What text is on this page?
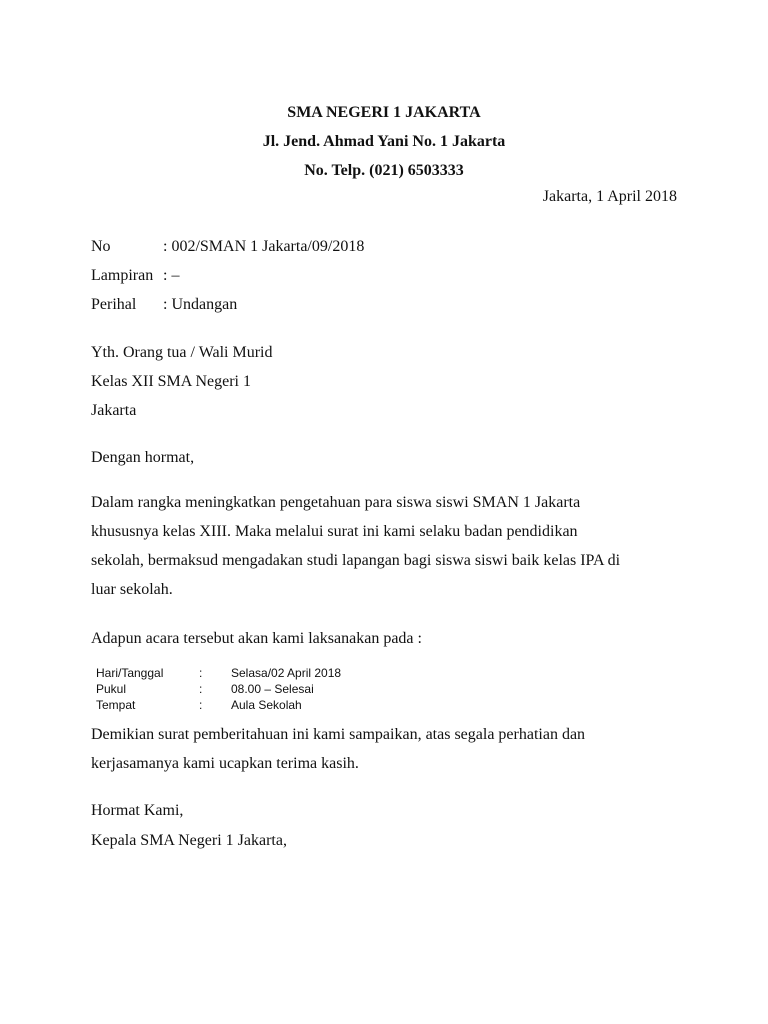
SMA NEGERI 1 JAKARTA
Jl. Jend. Ahmad Yani No. 1 Jakarta
No. Telp. (021) 6503333
Jakarta, 1 April 2018
No	: 002/SMAN 1 Jakarta/09/2018
Lampiran : –
Perihal : Undangan
Yth. Orang tua / Wali Murid
Kelas XII SMA Negeri 1
Jakarta
Dengan hormat,
Dalam rangka meningkatkan pengetahuan para siswa siswi SMAN 1 Jakarta
khususnya kelas XIII. Maka melalui surat ini kami selaku badan pendidikan
sekolah, bermaksud mengadakan studi lapangan bagi siswa siswi baik kelas IPA di
luar sekolah.
Adapun acara tersebut akan kami laksanakan pada :
Hari/Tanggal	: Selasa/02 April 2018
Pukul	: 08.00 – Selesai
Tempat	: Aula Sekolah
Demikian surat pemberitahuan ini kami sampaikan, atas segala perhatian dan
kerjasamanya kami ucapkan terima kasih.
Hormat Kami,
Kepala SMA Negeri 1 Jakarta,
